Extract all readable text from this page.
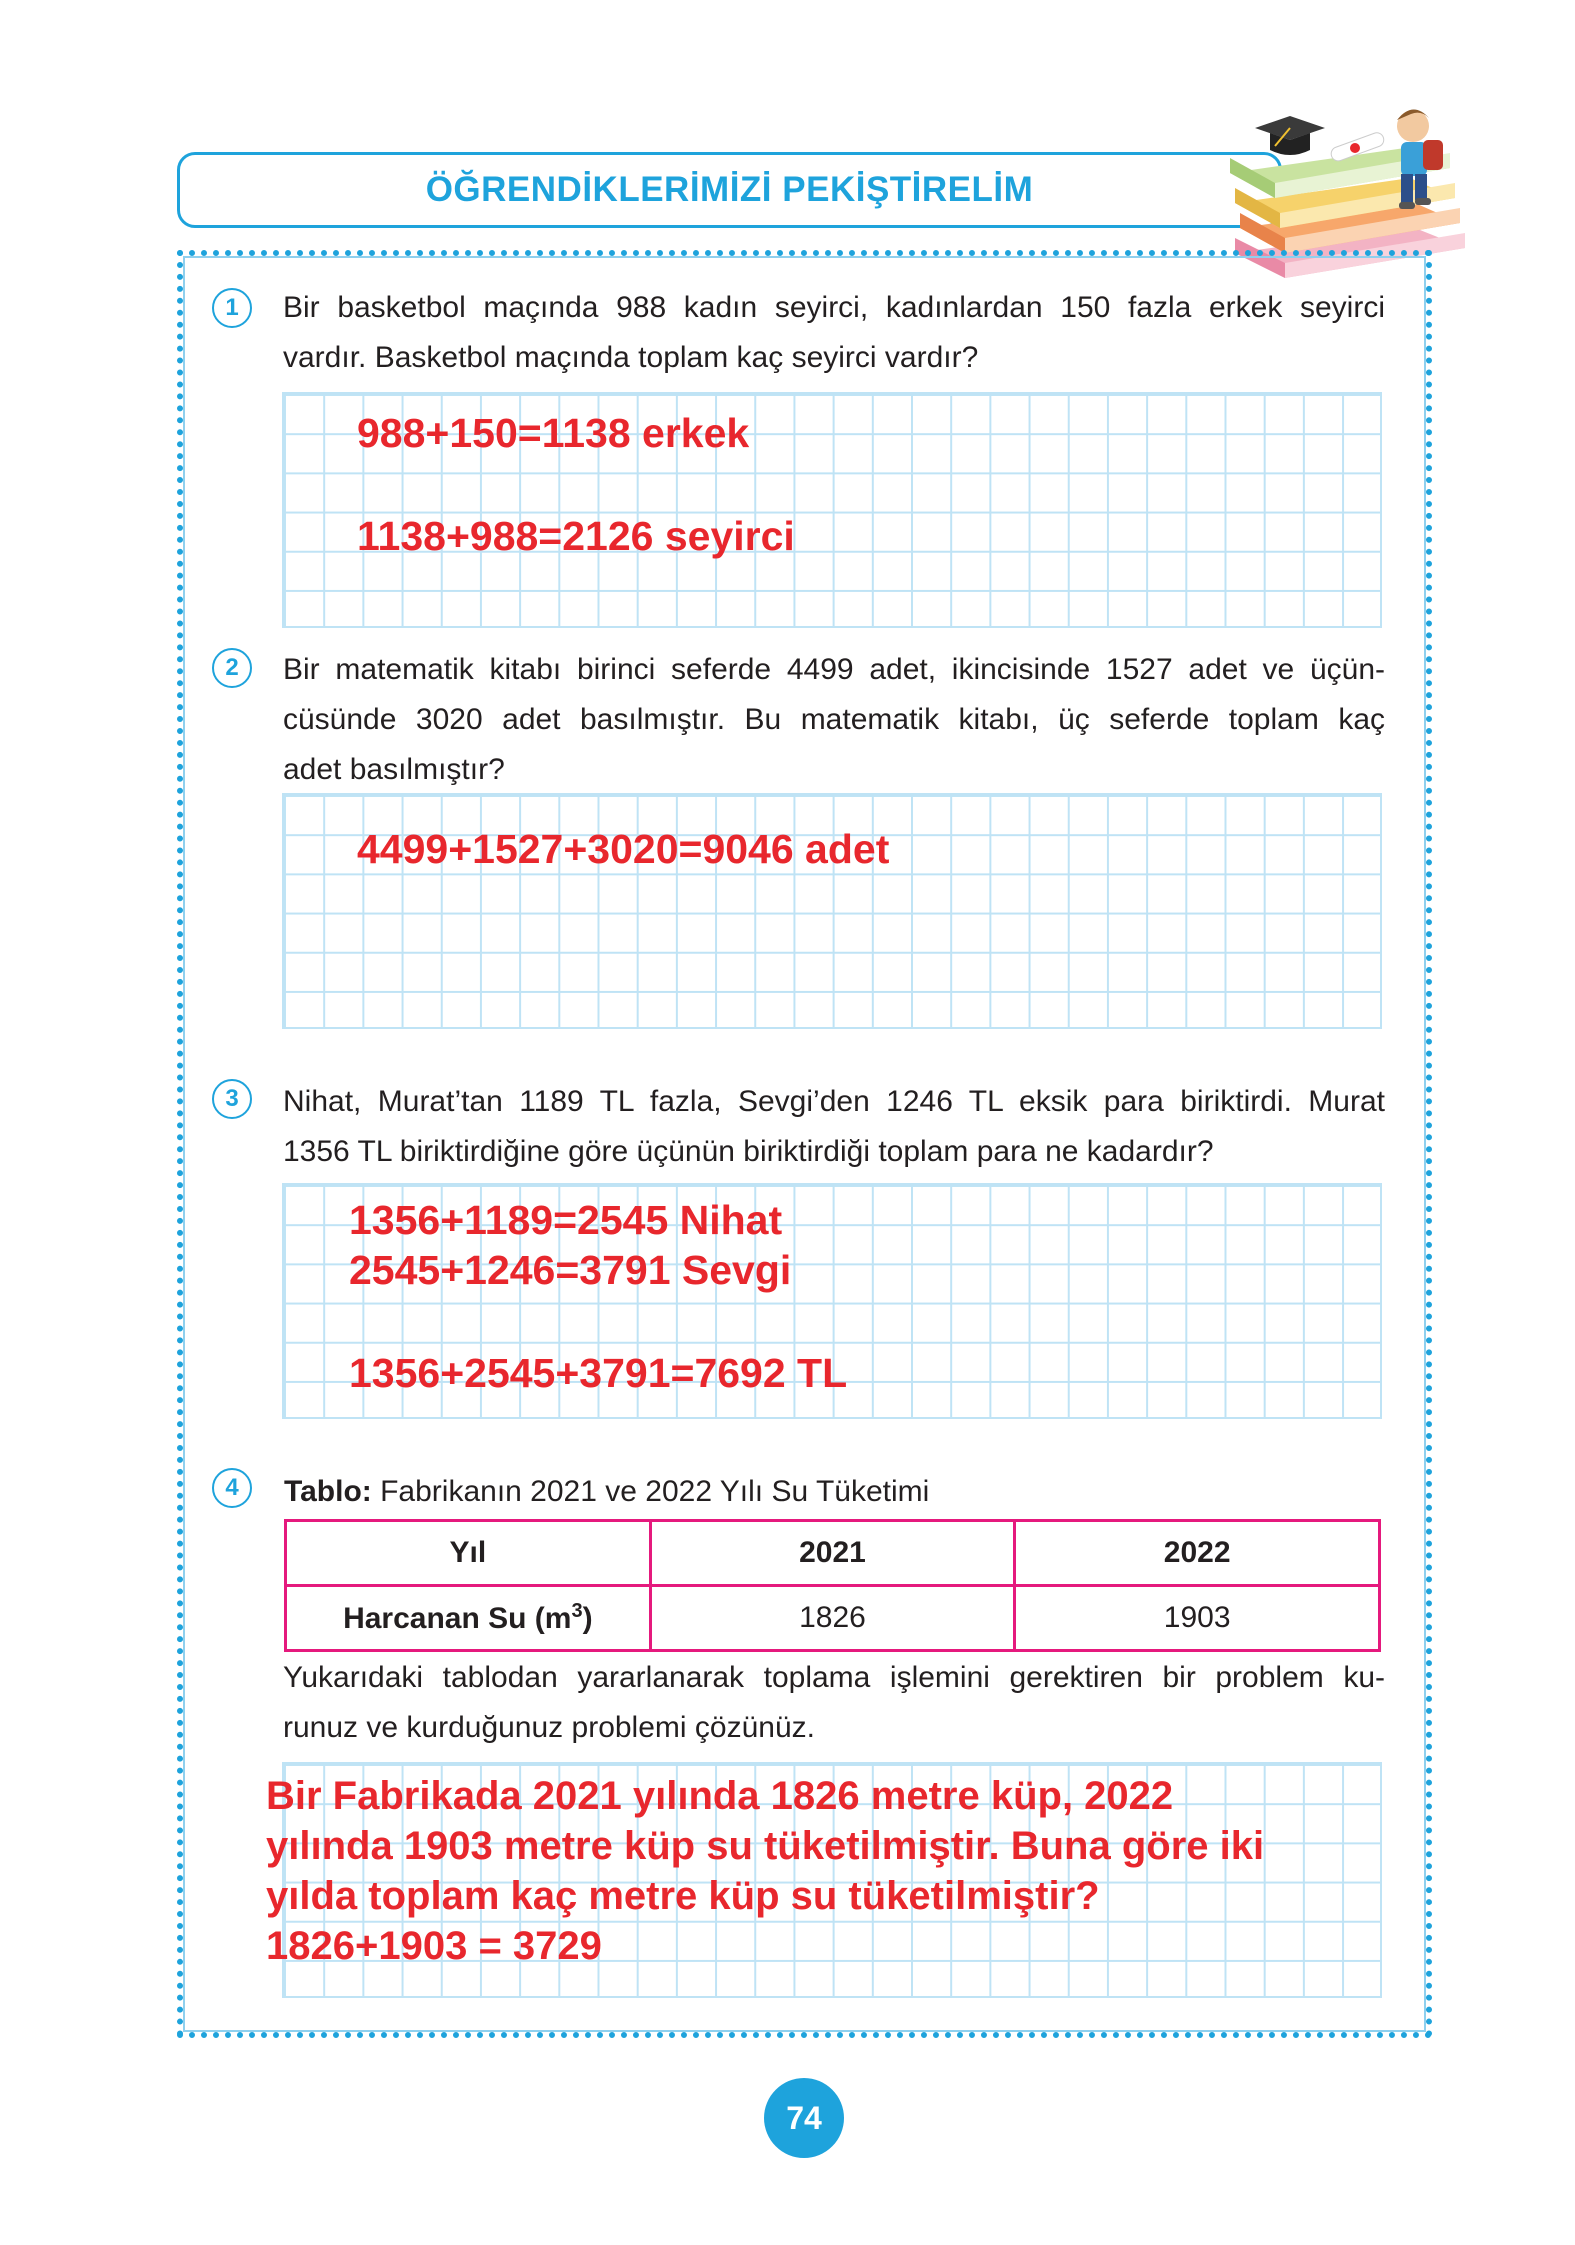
ÖĞRENDİKLERİMİZİ PEKİŞTİRELİM
1	Bir basketbol maçında 988 kadın seyirci, kadınlardan 150 fazla erkek seyirci
vardır. Basketbol maçında toplam kaç seyirci vardır?
988+150=1138 erkek
1138+988=2126 seyirci
2	Bir matematik kitabı birinci seferde 4499 adet, ikincisinde 1527 adet ve üçün-
cüsünde 3020 adet basılmıştır. Bu matematik kitabı, üç seferde toplam kaç
adet basılmıştır?
4499+1527+3020=9046 adet
3	Nihat, Murat’tan 1189 TL fazla, Sevgi’den 1246 TL eksik para biriktirdi. Murat
1356 TL biriktirdiğine göre üçünün biriktirdiği toplam para ne kadardır?
1356+1189=2545 Nihat
2545+1246=3791 Sevgi
1356+2545+3791=7692 TL
4	Tablo: Fabrikanın 2021 ve 2022 Yılı Su Tüketimi
Yıl	2021	2022
Harcanan Su $(m^3)$	1826	1903
Yukarıdaki tablodan yararlanarak toplama işlemini gerektiren bir problem ku-
runuz ve kurduğunuz problemi çözünüz.
Bir Fabrikada 2021 yılında 1826 metre küp, 2022
yılında 1903 metre küp su tüketilmiştir. Buna göre iki
yılda toplam kaç metre küp su tüketilmiştir?
1826+1903 = 3729
74
